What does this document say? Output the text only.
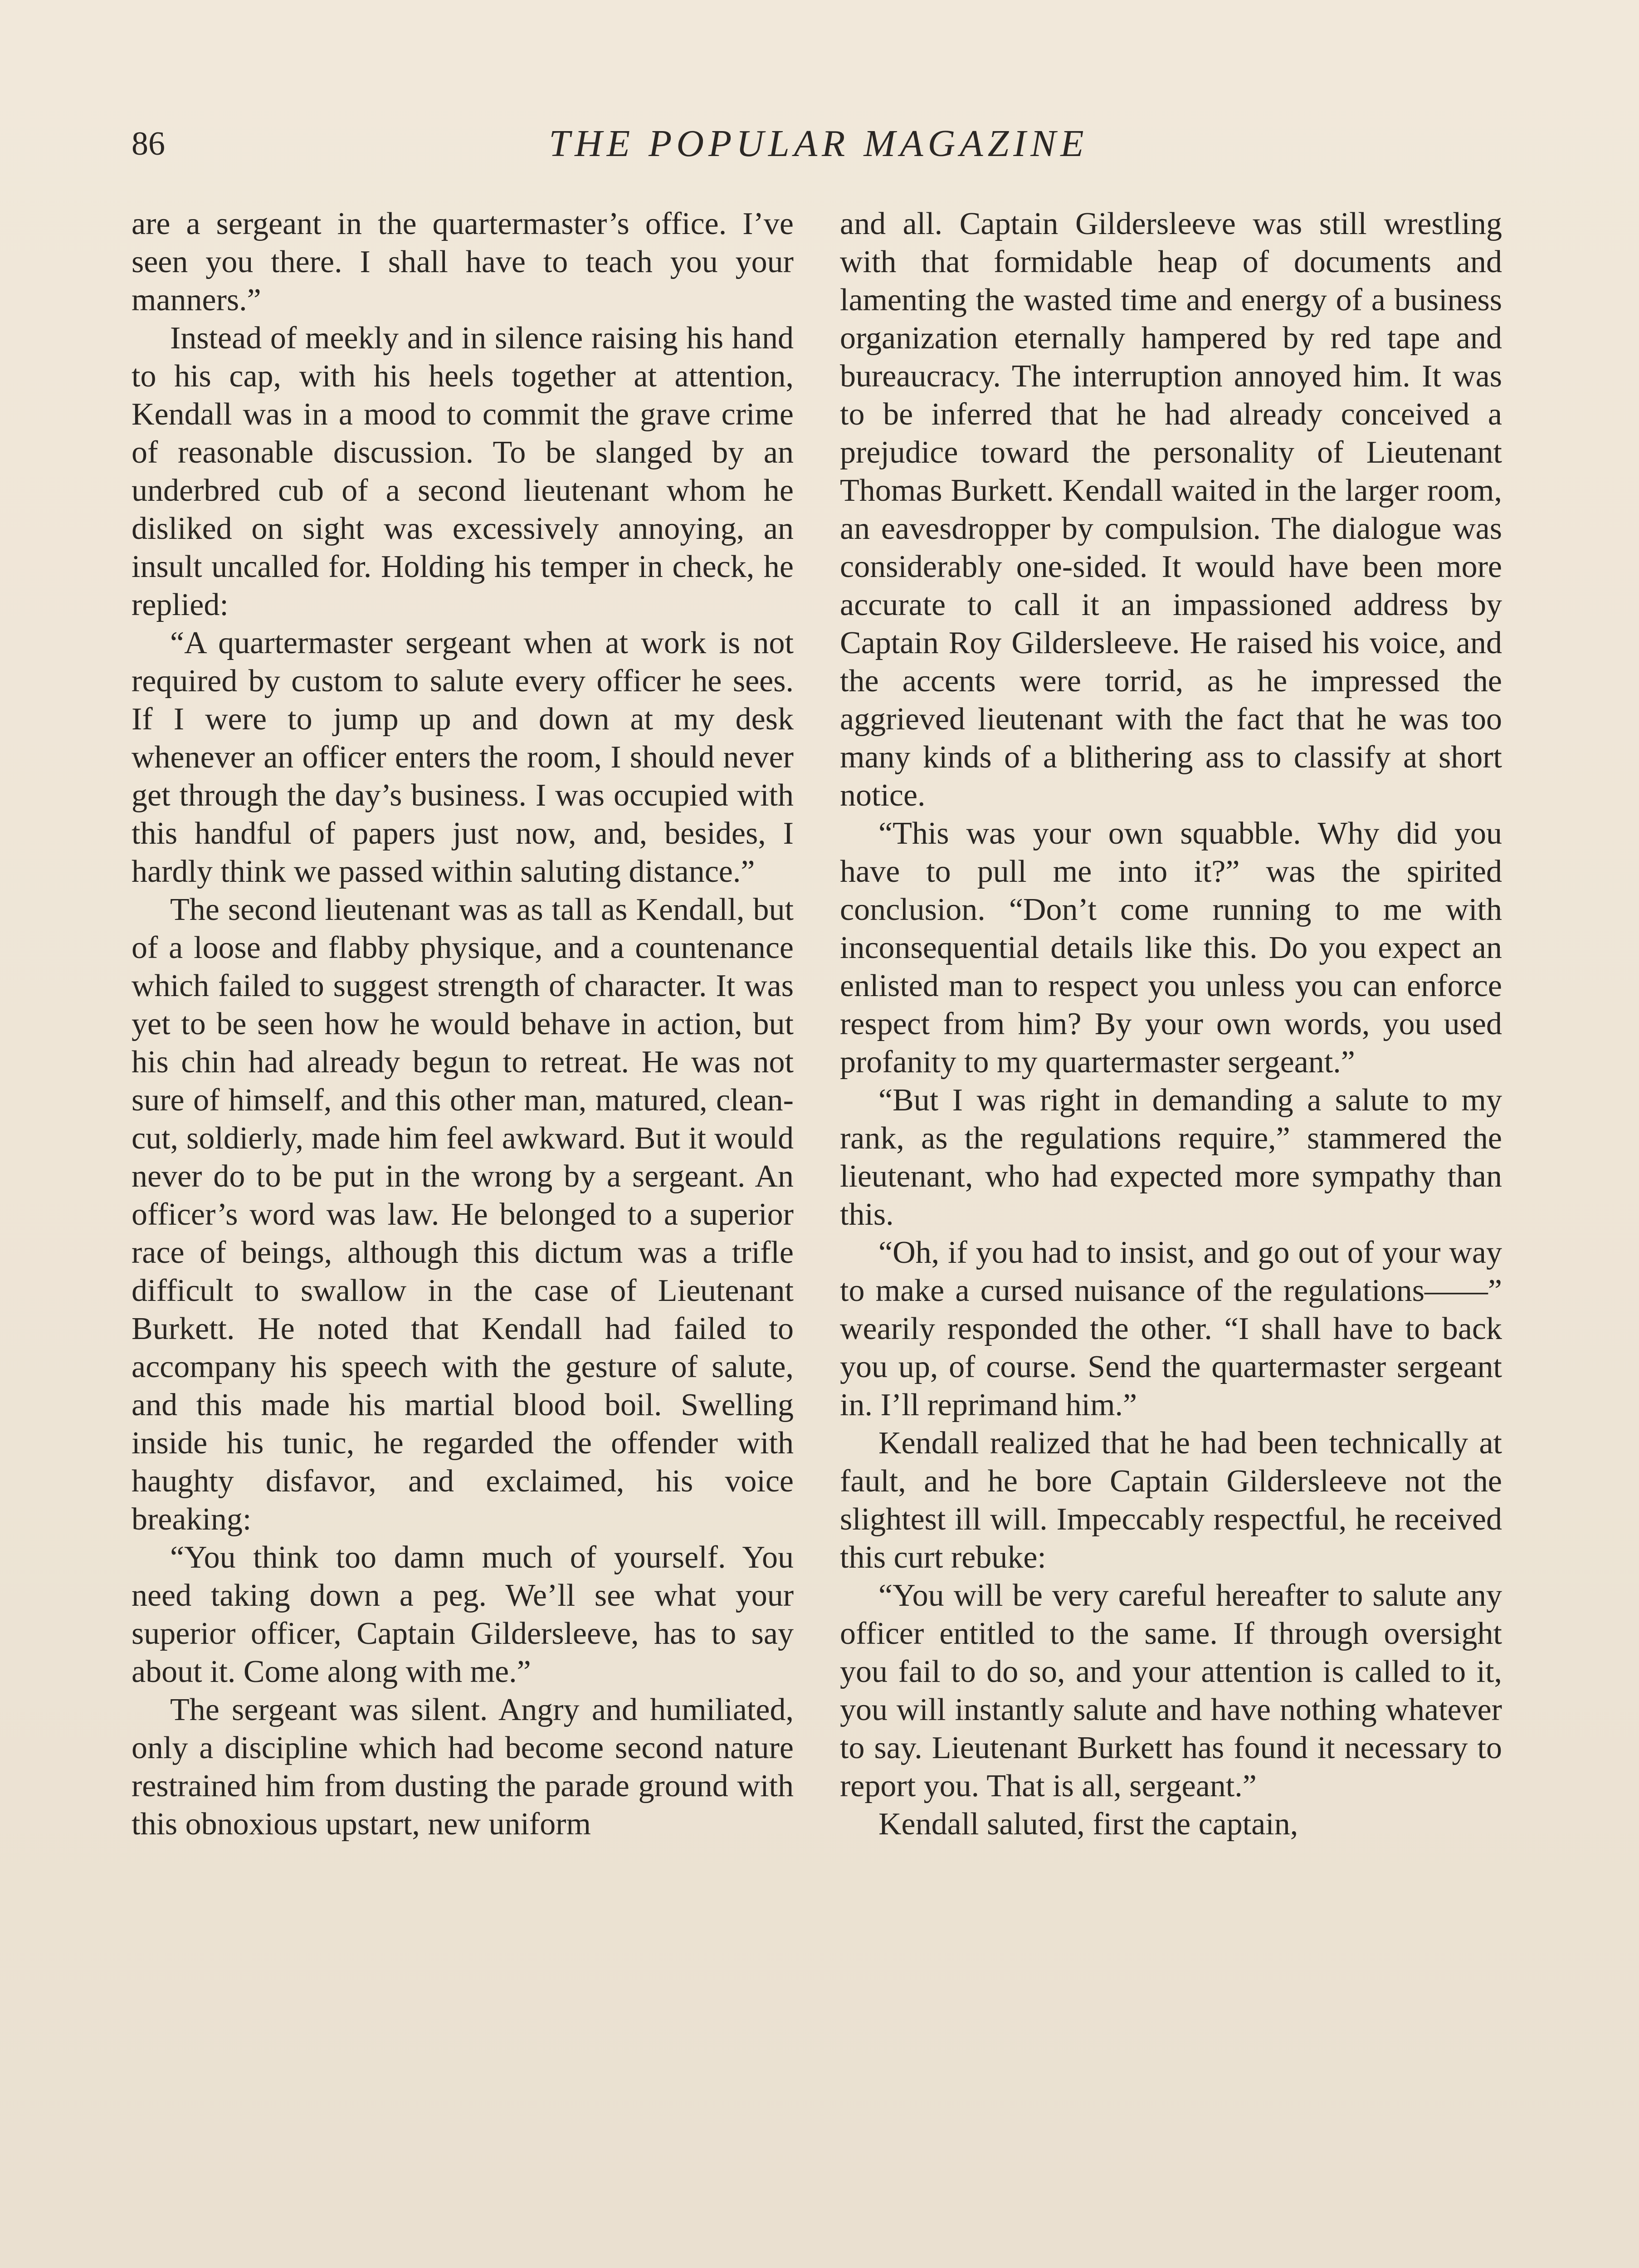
86	THE POPULAR MAGAZINE

are a sergeant in the quartermaster’s office. I’ve seen you there. I shall have to teach you your manners.”

Instead of meekly and in silence raising his hand to his cap, with his heels together at attention, Kendall was in a mood to commit the grave crime of reasonable discussion. To be slanged by an underbred cub of a second lieutenant whom he disliked on sight was excessively annoying, an insult uncalled for. Holding his temper in check, he replied:

“A quartermaster sergeant when at work is not required by custom to salute every officer he sees. If I were to jump up and down at my desk whenever an officer enters the room, I should never get through the day’s business. I was occupied with this handful of papers just now, and, besides, I hardly think we passed within saluting distance.”

The second lieutenant was as tall as Kendall, but of a loose and flabby physique, and a countenance which failed to suggest strength of character. It was yet to be seen how he would behave in action, but his chin had already begun to retreat. He was not sure of himself, and this other man, matured, clean-cut, soldierly, made him feel awkward. But it would never do to be put in the wrong by a sergeant. An officer’s word was law. He belonged to a superior race of beings, although this dictum was a trifle difficult to swallow in the case of Lieutenant Burkett. He noted that Kendall had failed to accompany his speech with the gesture of salute, and this made his martial blood boil. Swelling inside his tunic, he regarded the offender with haughty disfavor, and exclaimed, his voice breaking:

“You think too damn much of yourself. You need taking down a peg. We’ll see what your superior officer, Captain Gildersleeve, has to say about it. Come along with me.”

The sergeant was silent. Angry and humiliated, only a discipline which had become second nature restrained him from dusting the parade ground with this obnoxious upstart, new uniform

and all. Captain Gildersleeve was still wrestling with that formidable heap of documents and lamenting the wasted time and energy of a business organization eternally hampered by red tape and bureaucracy. The interruption annoyed him. It was to be inferred that he had already conceived a prejudice toward the personality of Lieutenant Thomas Burkett. Kendall waited in the larger room, an eavesdropper by compulsion. The dialogue was considerably one-sided. It would have been more accurate to call it an impassioned address by Captain Roy Gildersleeve. He raised his voice, and the accents were torrid, as he impressed the aggrieved lieutenant with the fact that he was too many kinds of a blithering ass to classify at short notice.

“This was your own squabble. Why did you have to pull me into it?” was the spirited conclusion. “Don’t come running to me with inconsequential details like this. Do you expect an enlisted man to respect you unless you can enforce respect from him? By your own words, you used profanity to my quartermaster sergeant.”

“But I was right in demanding a salute to my rank, as the regulations require,” stammered the lieutenant, who had expected more sympathy than this.

“Oh, if you had to insist, and go out of your way to make a cursed nuisance of the regulations——” wearily responded the other. “I shall have to back you up, of course. Send the quartermaster sergeant in. I’ll reprimand him.”

Kendall realized that he had been technically at fault, and he bore Captain Gildersleeve not the slightest ill will. Impeccably respectful, he received this curt rebuke:

“You will be very careful hereafter to salute any officer entitled to the same. If through oversight you fail to do so, and your attention is called to it, you will instantly salute and have nothing whatever to say. Lieutenant Burkett has found it necessary to report you. That is all, sergeant.”

Kendall saluted, first the captain,
